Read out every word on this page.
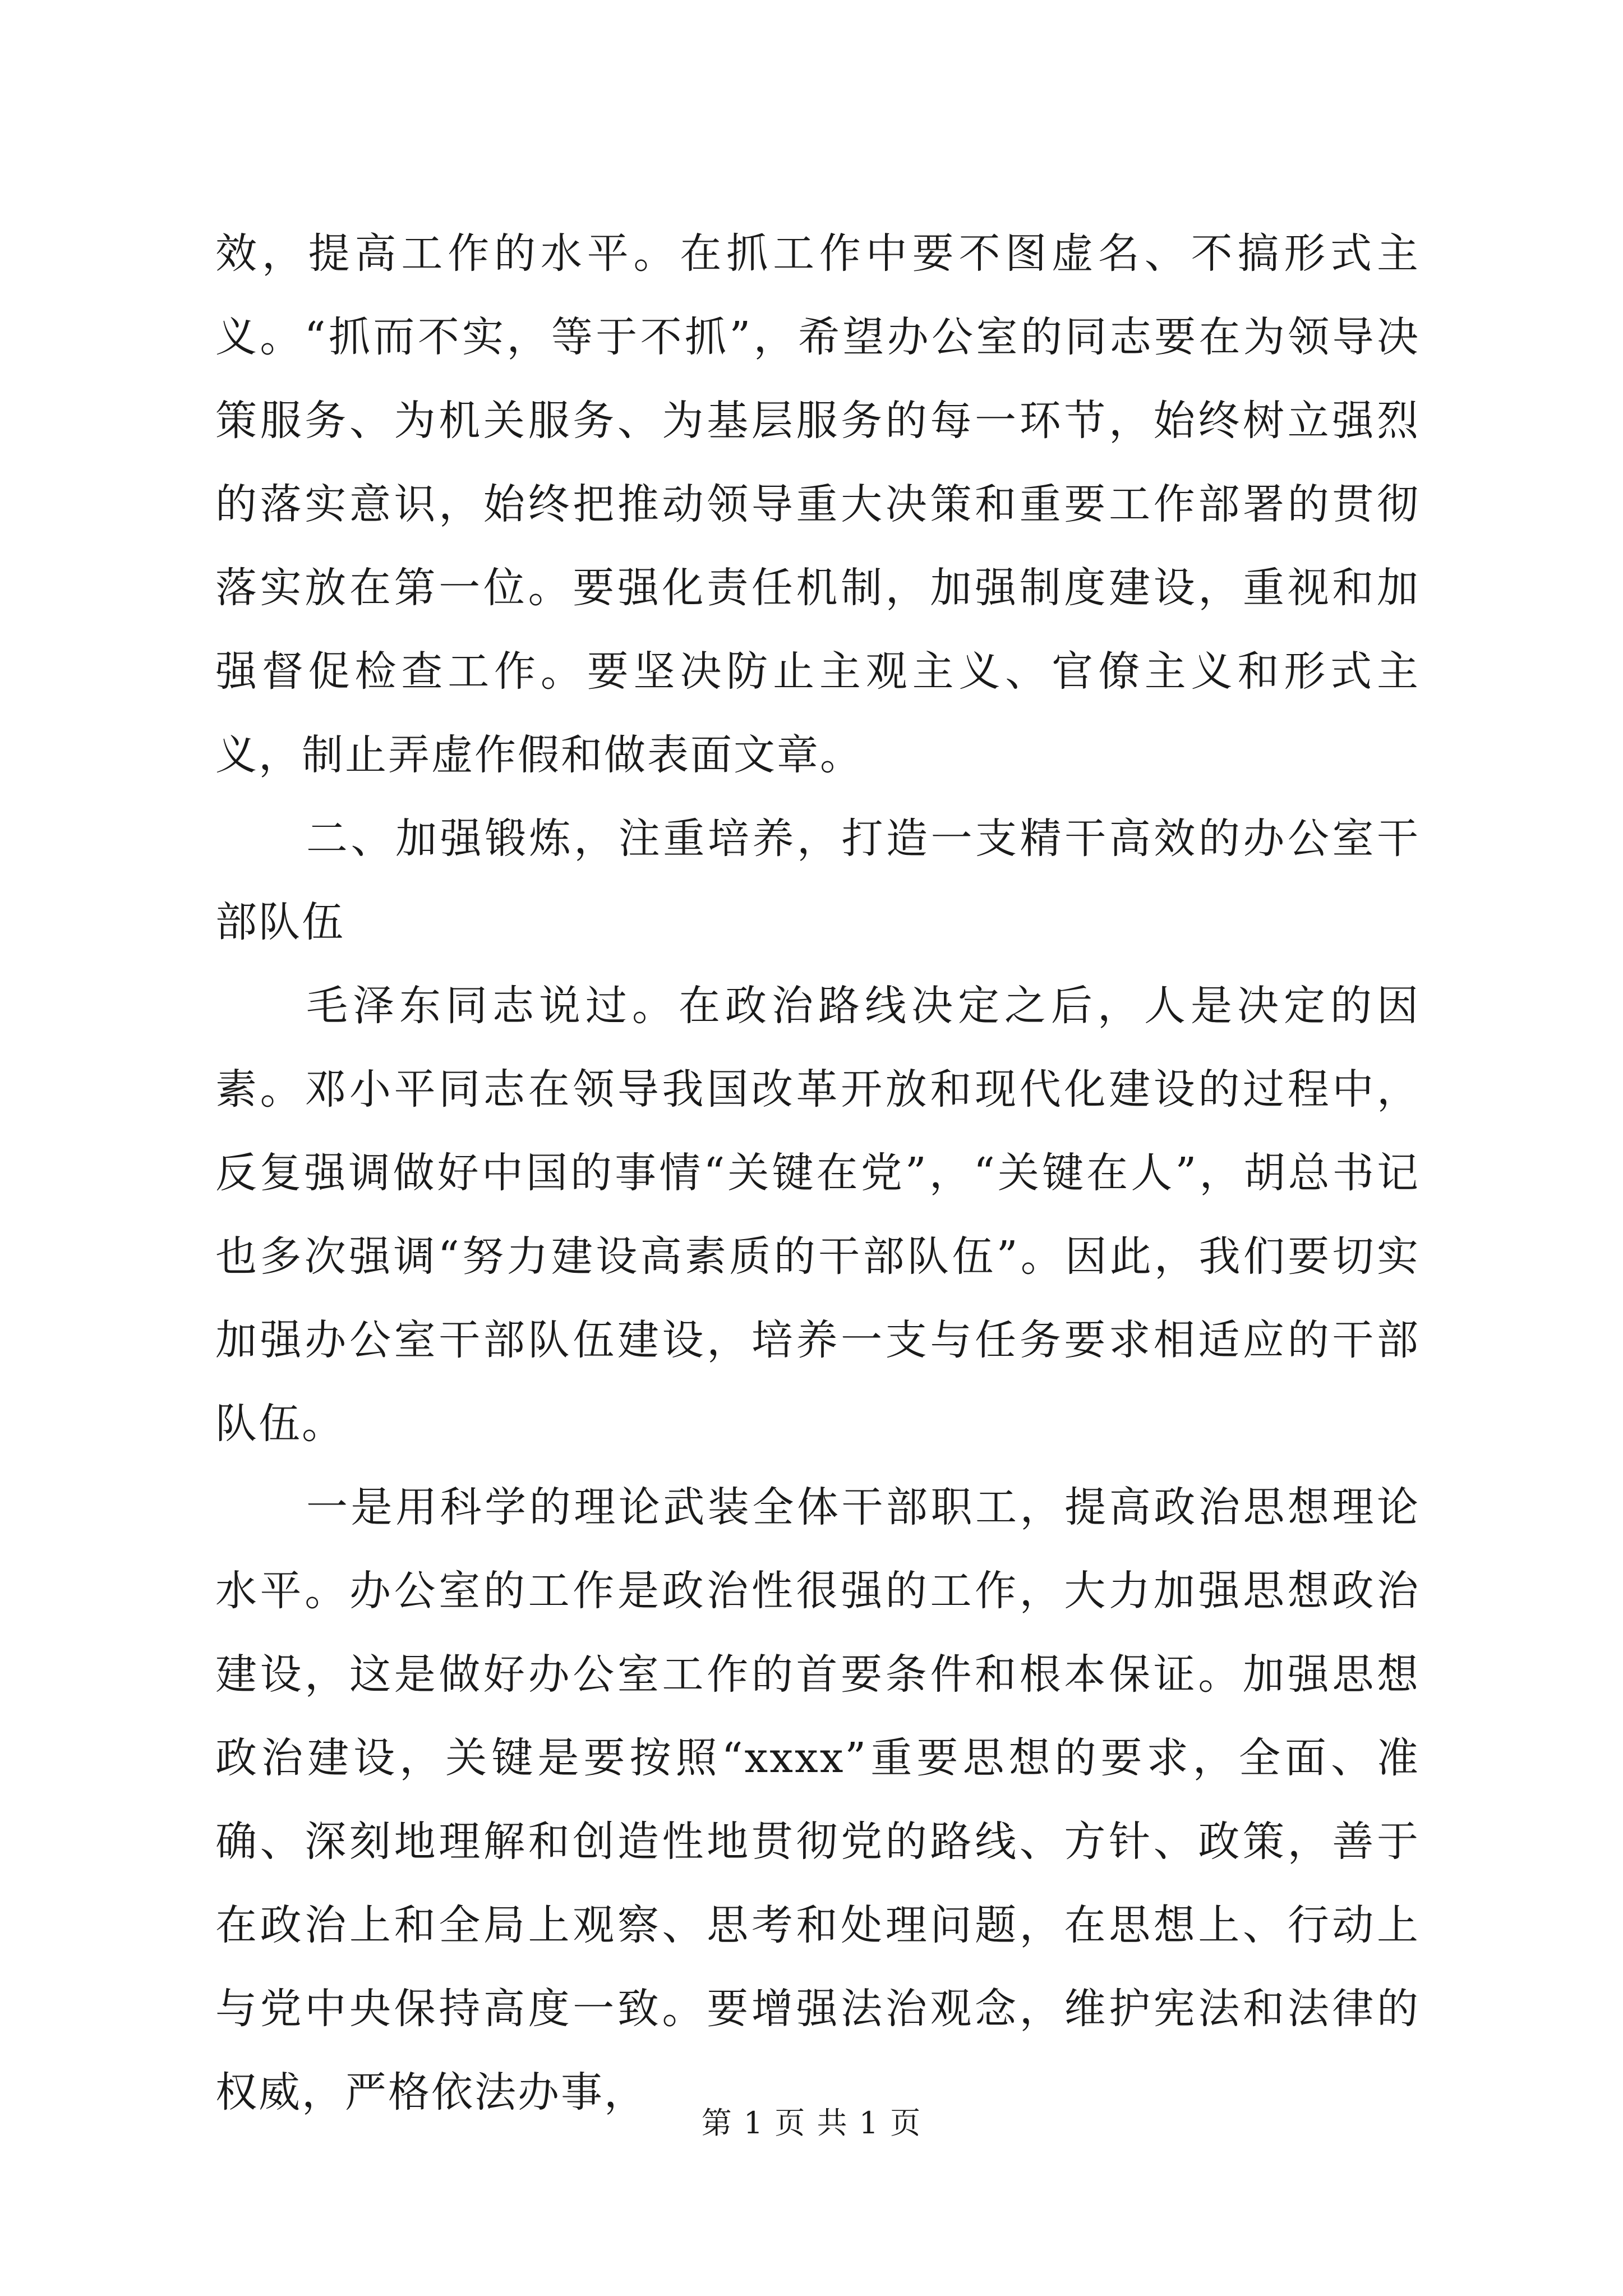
效，提高工作的水平。在抓工作中要不图虚名、不搞形式主义。“抓而不实，等于不抓”，希望办公室的同志要在为领导决策服务、为机关服务、为基层服务的每一环节，始终树立强烈的落实意识，始终把推动领导重大决策和重要工作部署的贯彻落实放在第一位。要强化责任机制，加强制度建设，重视和加强督促检查工作。要坚决防止主观主义、官僚主义和形式主义，制止弄虚作假和做表面文章。

二、加强锻炼，注重培养，打造一支精干高效的办公室干部队伍

毛泽东同志说过。在政治路线决定之后，人是决定的因素。邓小平同志在领导我国改革开放和现代化建设的过程中，反复强调做好中国的事情“关键在党”，“关键在人”，胡总书记也多次强调“努力建设高素质的干部队伍”。因此，我们要切实加强办公室干部队伍建设，培养一支与任务要求相适应的干部队伍。

一是用科学的理论武装全体干部职工，提高政治思想理论水平。办公室的工作是政治性很强的工作，大力加强思想政治建设，这是做好办公室工作的首要条件和根本保证。加强思想政治建设，关键是要按照“xxxx”重要思想的要求，全面、准确、深刻地理解和创造性地贯彻党的路线、方针、政策，善于在政治上和全局上观察、思考和处理问题，在思想上、行动上与党中央保持高度一致。要增强法治观念，维护宪法和法律的权威，严格依法办事，

第 1 页 共 1 页
